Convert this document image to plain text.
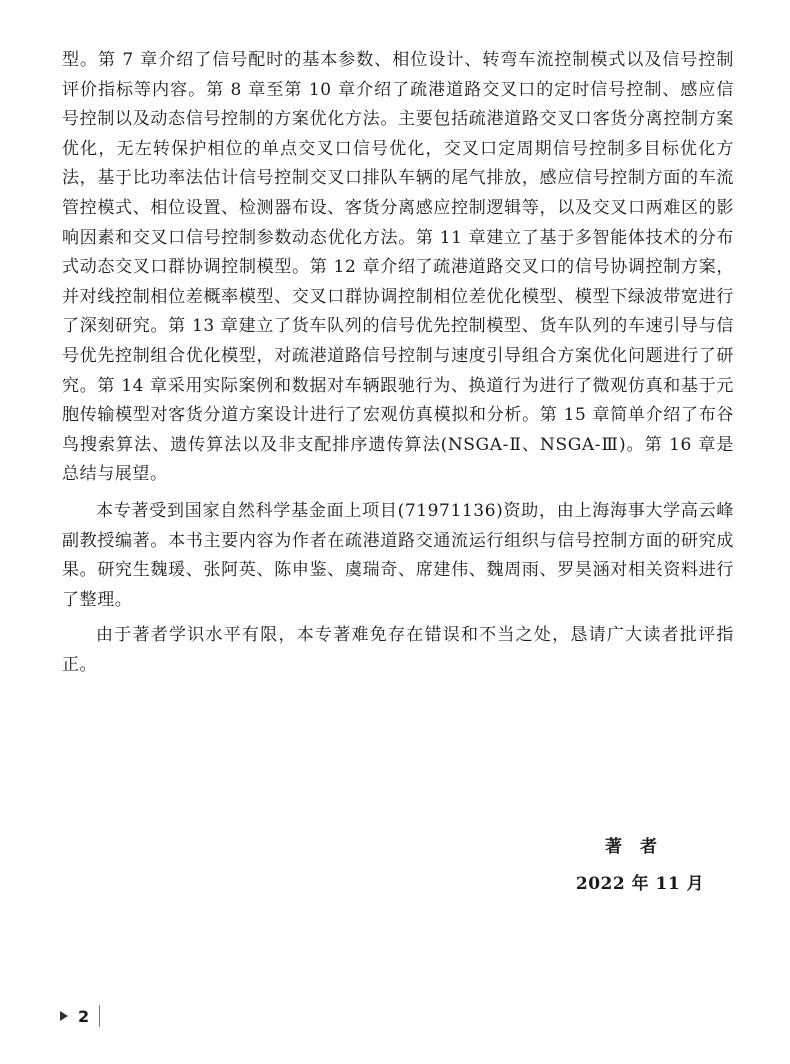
型。第 7 章介绍了信号配时的基本参数、相位设计、转弯车流控制模式以及信号控制评价指标等内容。第 8 章至第 10 章介绍了疏港道路交叉口的定时信号控制、感应信号控制以及动态信号控制的方案优化方法。主要包括疏港道路交叉口客货分离控制方案优化，无左转保护相位的单点交叉口信号优化，交叉口定周期信号控制多目标优化方法，基于比功率法估计信号控制交叉口排队车辆的尾气排放，感应信号控制方面的车流管控模式、相位设置、检测器布设、客货分离感应控制逻辑等，以及交叉口两难区的影响因素和交叉口信号控制参数动态优化方法。第 11 章建立了基于多智能体技术的分布式动态交叉口群协调控制模型。第 12 章介绍了疏港道路交叉口的信号协调控制方案，并对线控制相位差概率模型、交叉口群协调控制相位差优化模型、模型下绿波带宽进行了深刻研究。第 13 章建立了货车队列的信号优先控制模型、货车队列的车速引导与信号优先控制组合优化模型，对疏港道路信号控制与速度引导组合方案优化问题进行了研究。第 14 章采用实际案例和数据对车辆跟驰行为、换道行为进行了微观仿真和基于元胞传输模型对客货分道方案设计进行了宏观仿真模拟和分析。第 15 章简单介绍了布谷鸟搜索算法、遗传算法以及非支配排序遗传算法(NSGA-Ⅱ、NSGA-Ⅲ)。第 16 章是总结与展望。

本专著受到国家自然科学基金面上项目(71971136)资助，由上海海事大学高云峰副教授编著。本书主要内容为作者在疏港道路交通流运行组织与信号控制方面的研究成果。研究生魏瑗、张阿英、陈申鉴、虞瑞奇、席建伟、魏周雨、罗昊涵对相关资料进行了整理。

由于著者学识水平有限，本专著难免存在错误和不当之处，恳请广大读者批评指正。

著者
2022 年 11 月
2
